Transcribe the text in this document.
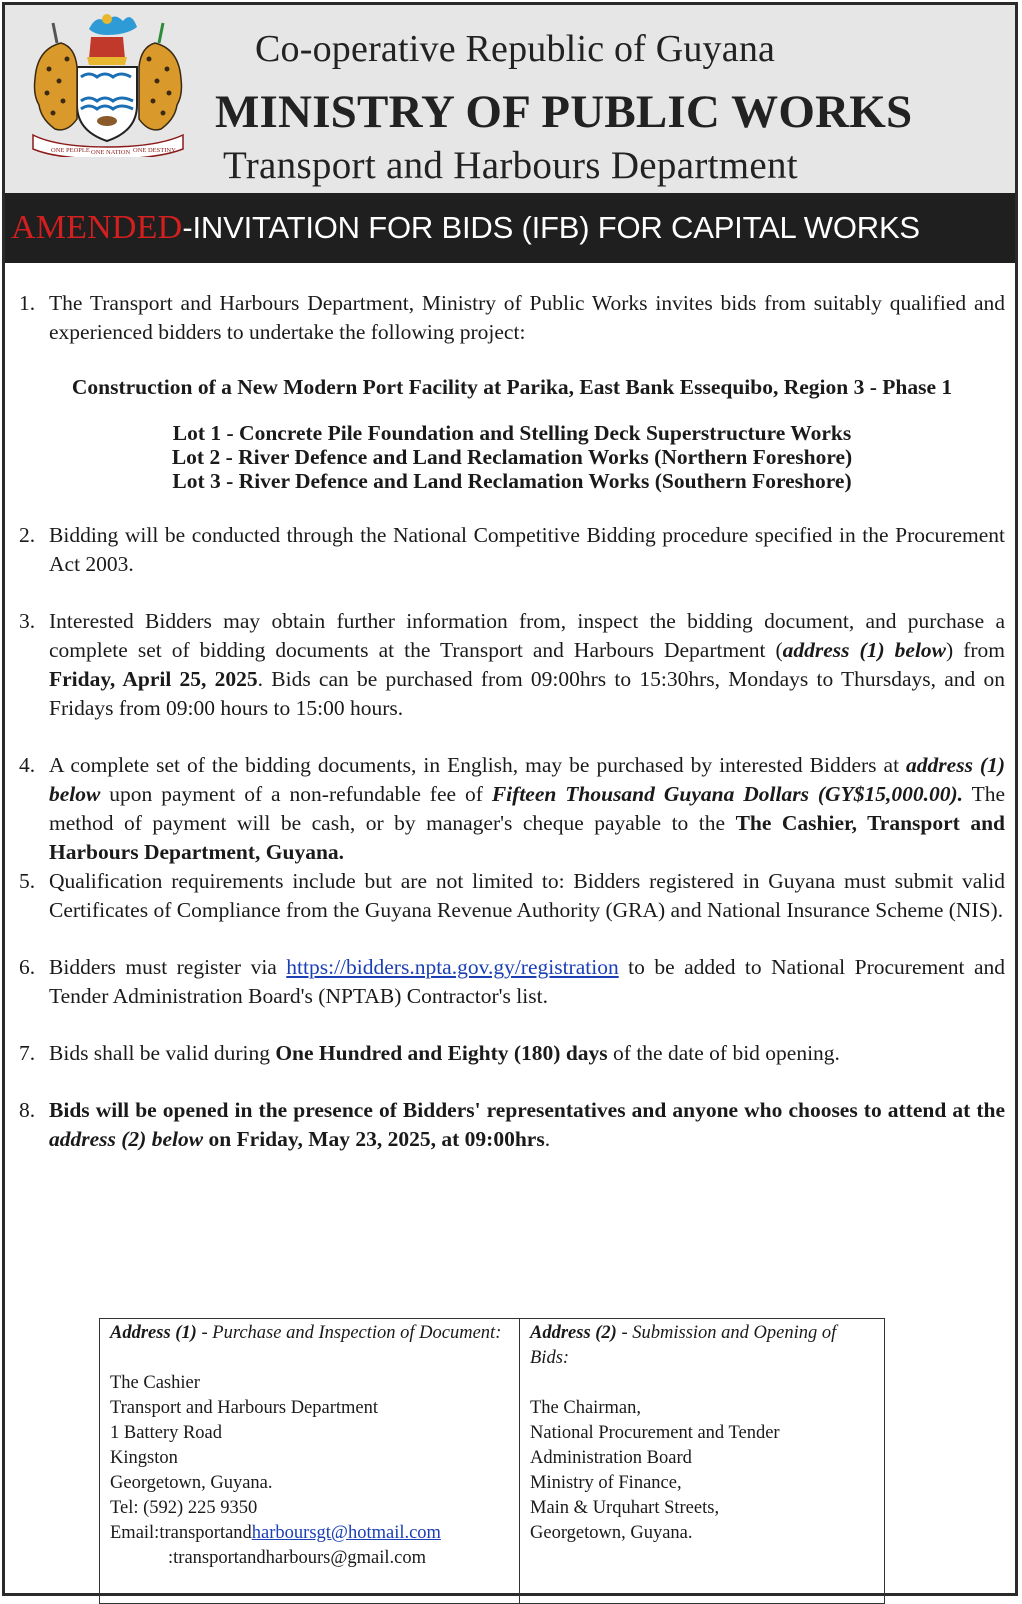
ONE PEOPLE ONE NATION ONE DESTINY
Co-operative Republic of Guyana
MINISTRY OF PUBLIC WORKS
Transport and Harbours Department
AMENDED -INVITATION FOR BIDS (IFB) FOR CAPITAL WORKS
1. The Transport and Harbours Department, Ministry of Public Works invites bids from suitably qualified and experienced bidders to undertake the following project:
Construction of a New Modern Port Facility at Parika, East Bank Essequibo, Region 3 - Phase 1
Lot 1 - Concrete Pile Foundation and Stelling Deck Superstructure Works
Lot 2 - River Defence and Land Reclamation Works (Northern Foreshore)
Lot 3 - River Defence and Land Reclamation Works (Southern Foreshore)
2. Bidding will be conducted through the National Competitive Bidding procedure specified in the Procurement Act 2003.
3. Interested Bidders may obtain further information from, inspect the bidding document, and purchase a complete set of bidding documents at the Transport and Harbours Department (address (1) below) from Friday, April 25, 2025. Bids can be purchased from 09:00hrs to 15:30hrs, Mondays to Thursdays, and on Fridays from 09:00 hours to 15:00 hours.
4. A complete set of the bidding documents, in English, may be purchased by interested Bidders at address (1) below upon payment of a non-refundable fee of Fifteen Thousand Guyana Dollars (GY$15,000.00). The method of payment will be cash, or by manager's cheque payable to the The Cashier, Transport and Harbours Department, Guyana.
5. Qualification requirements include but are not limited to: Bidders registered in Guyana must submit valid Certificates of Compliance from the Guyana Revenue Authority (GRA) and National Insurance Scheme (NIS).
6. Bidders must register via https://bidders.npta.gov.gy/registration to be added to National Procurement and Tender Administration Board's (NPTAB) Contractor's list.
7. Bids shall be valid during One Hundred and Eighty (180) days of the date of bid opening.
8. Bids will be opened in the presence of Bidders' representatives and anyone who chooses to attend at the address (2) below on Friday, May 23, 2025, at 09:00hrs.
Address (1) - Purchase and Inspection of Document:
The Cashier
Transport and Harbours Department
1 Battery Road
Kingston
Georgetown, Guyana.
Tel: (592) 225 9350
Email:transportandharboursgt@hotmail.com
:transportandharbours@gmail.com
Address (2) - Submission and Opening of Bids:
The Chairman,
National Procurement and Tender
Administration Board
Ministry of Finance,
Main & Urquhart Streets,
Georgetown, Guyana.
